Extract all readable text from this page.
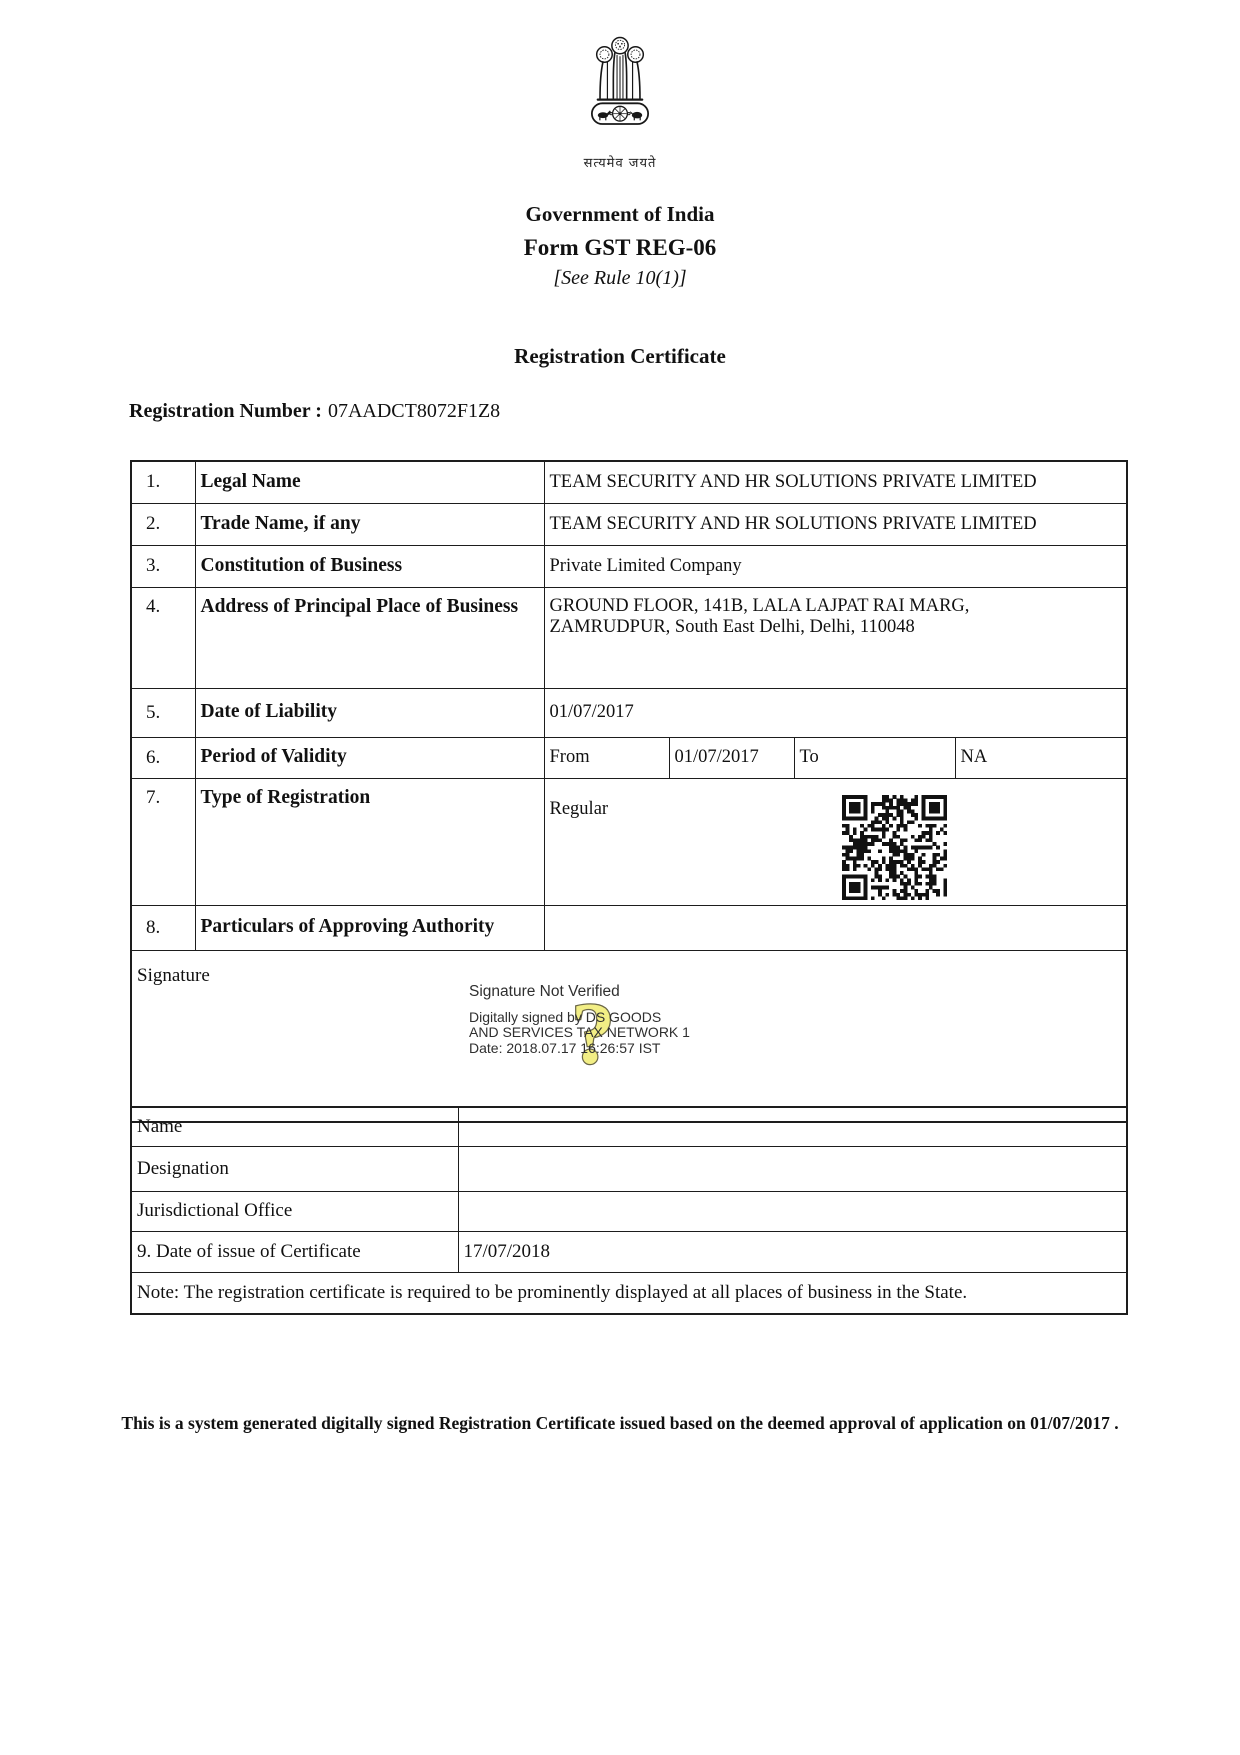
सत्यमेव जयते
Government of India
Form GST REG-06
[See Rule 10(1)]
Registration Certificate
Registration Number : 07AADCT8072F1Z8
1.	Legal Name	TEAM SECURITY AND HR SOLUTIONS PRIVATE LIMITED			
2.	Trade Name, if any	TEAM SECURITY AND HR SOLUTIONS PRIVATE LIMITED			
3.	Constitution of Business	Private Limited Company			
4.	Address of Principal Place of Business	GROUND FLOOR, 141B, LALA LAJPAT RAI MARG, ZAMRUDPUR, South East Delhi, Delhi, 110048			
5.	Date of Liability	01/07/2017			
6.	Period of Validity	From	01/07/2017	To	NA
7.	Type of Registration	Regular			

8.	Particulars of Approving Authority				

Signature
?
Signature Not Verified
Digitally signed by DS GOODS
AND SERVICES TAX NETWORK 1
Date: 2018.07.17 16:26:57 IST
Name	
Designation	
Jurisdictional Office	
9. Date of issue of Certificate	17/07/2018
Note: The registration certificate is required to be prominently displayed at all places of business in the State.	
This is a system generated digitally signed Registration Certificate issued based on the deemed approval of application on 01/07/2017 .
